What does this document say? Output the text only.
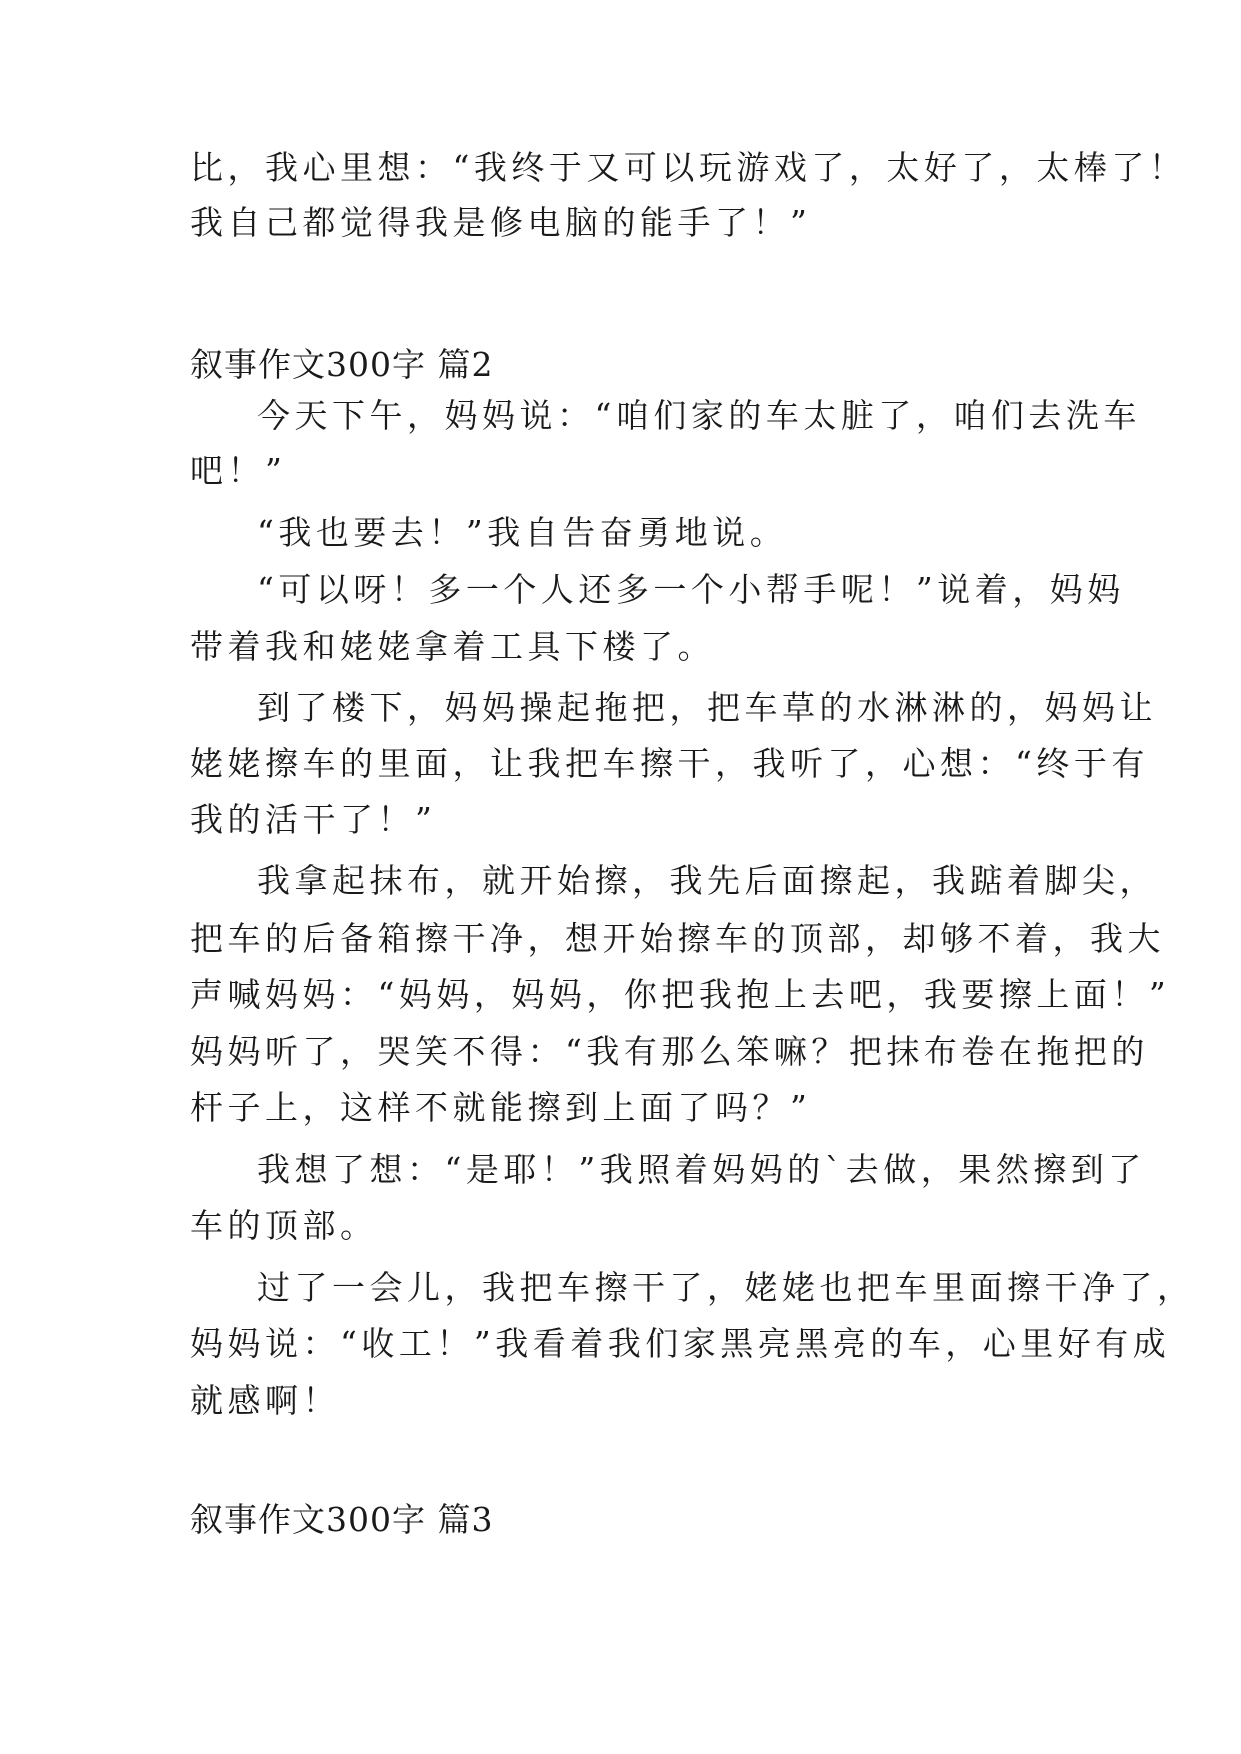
比，我心里想：“我终于又可以玩游戏了，太好了，太棒了！
我自己都觉得我是修电脑的能手了！”
叙事作文300字 篇2
今天下午，妈妈说：“咱们家的车太脏了，咱们去洗车
吧！”
“我也要去！”我自告奋勇地说。
“可以呀！多一个人还多一个小帮手呢！”说着，妈妈
带着我和姥姥拿着工具下楼了。
到了楼下，妈妈操起拖把，把车草的水淋淋的，妈妈让
姥姥擦车的里面，让我把车擦干，我听了，心想：“终于有
我的活干了！”
我拿起抹布，就开始擦，我先后面擦起，我踮着脚尖，
把车的后备箱擦干净，想开始擦车的顶部，却够不着，我大
声喊妈妈：“妈妈，妈妈，你把我抱上去吧，我要擦上面！”
妈妈听了，哭笑不得：“我有那么笨嘛？把抹布卷在拖把的
杆子上，这样不就能擦到上面了吗？”
我想了想：“是耶！”我照着妈妈的`去做，果然擦到了
车的顶部。
过了一会儿，我把车擦干了，姥姥也把车里面擦干净了，
妈妈说：“收工！”我看着我们家黑亮黑亮的车，心里好有成
就感啊！
叙事作文300字 篇3
